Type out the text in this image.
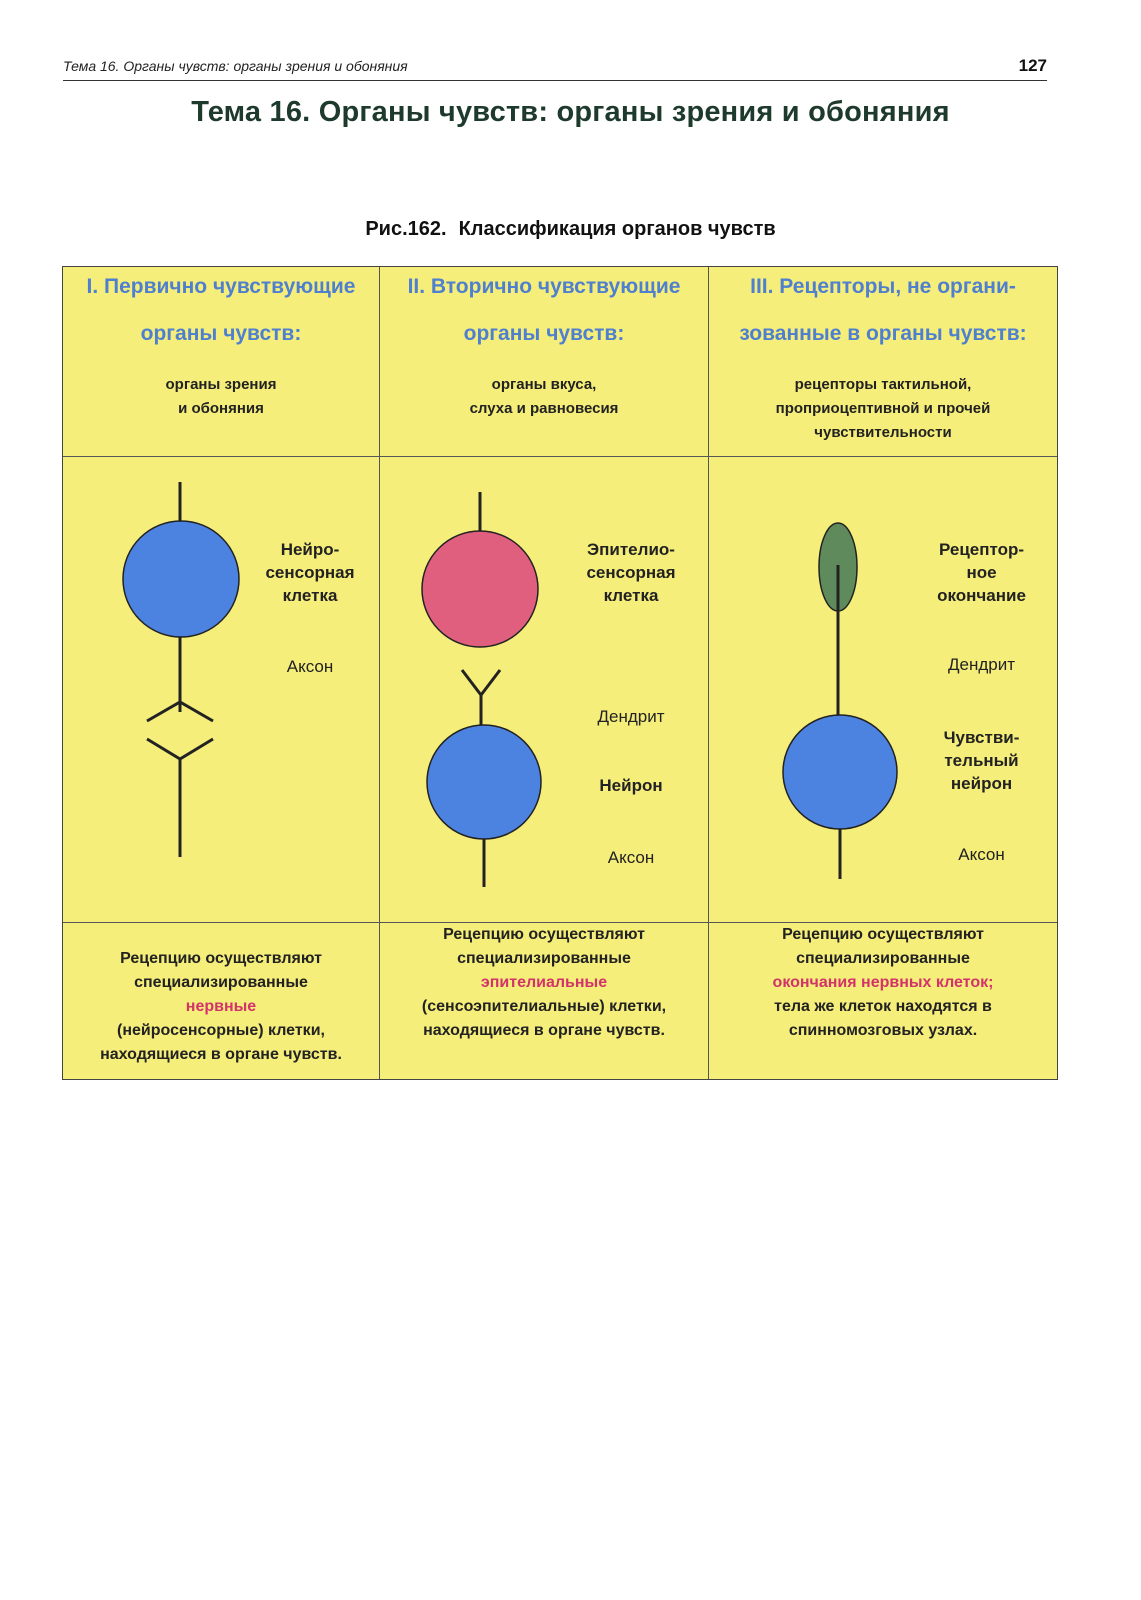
Тема 16. Органы чувств: органы зрения и обоняния	127
Тема 16. Органы чувств: органы зрения и обоняния
Рис.162. Классификация органов чувств
I. Первично чувствующие
органы чувств:
органы зрения
и обоняния
II. Вторично чувствующие
органы чувств:
органы вкуса,
слуха и равновесия
III. Рецепторы, не органи-
зованные в органы чувств:
рецепторы тактильной,
проприоцептивной и прочей
чувствительности
Нейро-
сенсорная
клетка
Аксон
Эпителио-
сенсорная
клетка
Дендрит
Нейрон
Аксон
Рецептор-
ное
окончание
Дендрит
Чувстви-
тельный
нейрон
Аксон
Рецепцию осуществляют
специализированные
нервные
(нейросенсорные) клетки,
находящиеся в органе чувств.
Рецепцию осуществляют
специализированные
эпителиальные
(сенсоэпителиальные) клетки,
находящиеся в органе чувств.
Рецепцию осуществляют
специализированные
окончания нервных клеток;
тела же клеток находятся в
спинномозговых узлах.
